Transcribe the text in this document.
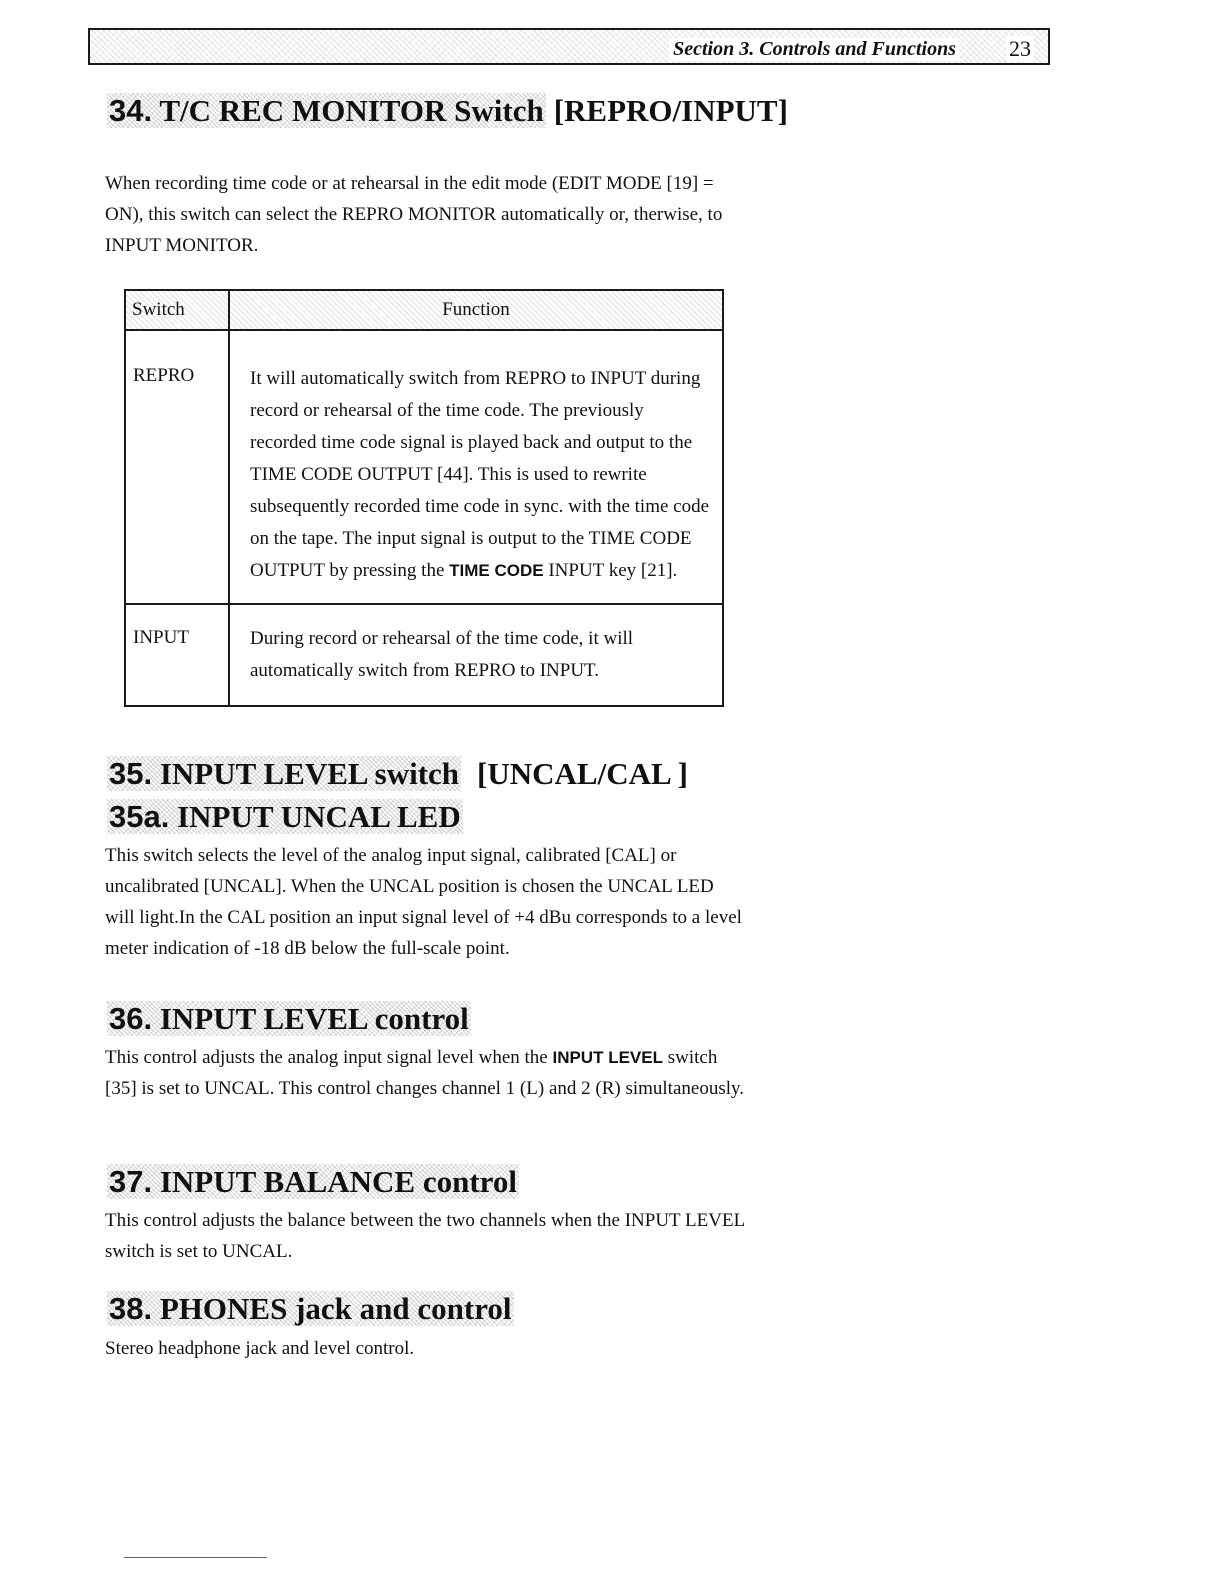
Section 3. Controls and Functions 23
34. T/C REC MONITOR Switch [REPRO/INPUT]

When recording time code or at rehearsal in the edit mode (EDIT MODE [19] = ON), this switch can select the REPRO MONITOR automatically or, therwise, to INPUT MONITOR.

Switch	Function
REPRO	It will automatically switch from REPRO to INPUT during record or rehearsal of the time code. The previously recorded time code signal is played back and output to the TIME CODE OUTPUT [44]. This is used to rewrite subsequently recorded time code in sync. with the time code on the tape. The input signal is output to the TIME CODE OUTPUT by pressing the TIME CODE INPUT key [21].
INPUT	During record or rehearsal of the time code, it will automatically switch from REPRO to INPUT.
35. INPUT LEVEL switch [UNCAL/CAL ]
35a. INPUT UNCAL LED

This switch selects the level of the analog input signal, calibrated [CAL] or uncalibrated [UNCAL]. When the UNCAL position is chosen the UNCAL LED will light.In the CAL position an input signal level of +4 dBu corresponds to a level meter indication of -18 dB below the full-scale point.

36. INPUT LEVEL control

This control adjusts the analog input signal level when the INPUT LEVEL switch [35] is set to UNCAL. This control changes channel 1 (L) and 2 (R) simultaneously.

37. INPUT BALANCE control

This control adjusts the balance between the two channels when the INPUT LEVEL switch is set to UNCAL.

38. PHONES jack and control

Stereo headphone jack and level control.
